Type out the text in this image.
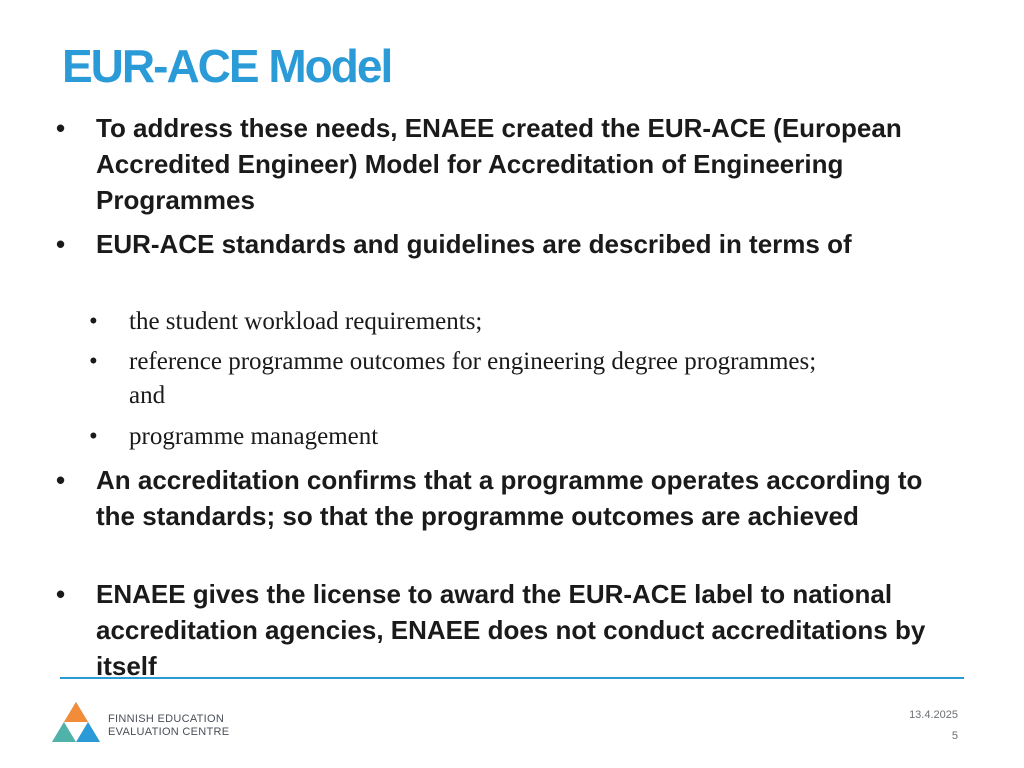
EUR-ACE Model
• To address these needs, ENAEE created the EUR-ACE (European Accredited Engineer) Model for Accreditation of Engineering Programmes
• EUR-ACE standards and guidelines are described in terms of
• the student workload requirements;
• reference programme outcomes for engineering degree programmes; and
• programme management
• An accreditation confirms that a programme operates according to the standards; so that the programme outcomes are achieved
• ENAEE gives the license to award the EUR-ACE label to national accreditation agencies, ENAEE does not conduct accreditations by itself
FINNISH EDUCATION
EVALUATION CENTRE
13.4.2025
5
